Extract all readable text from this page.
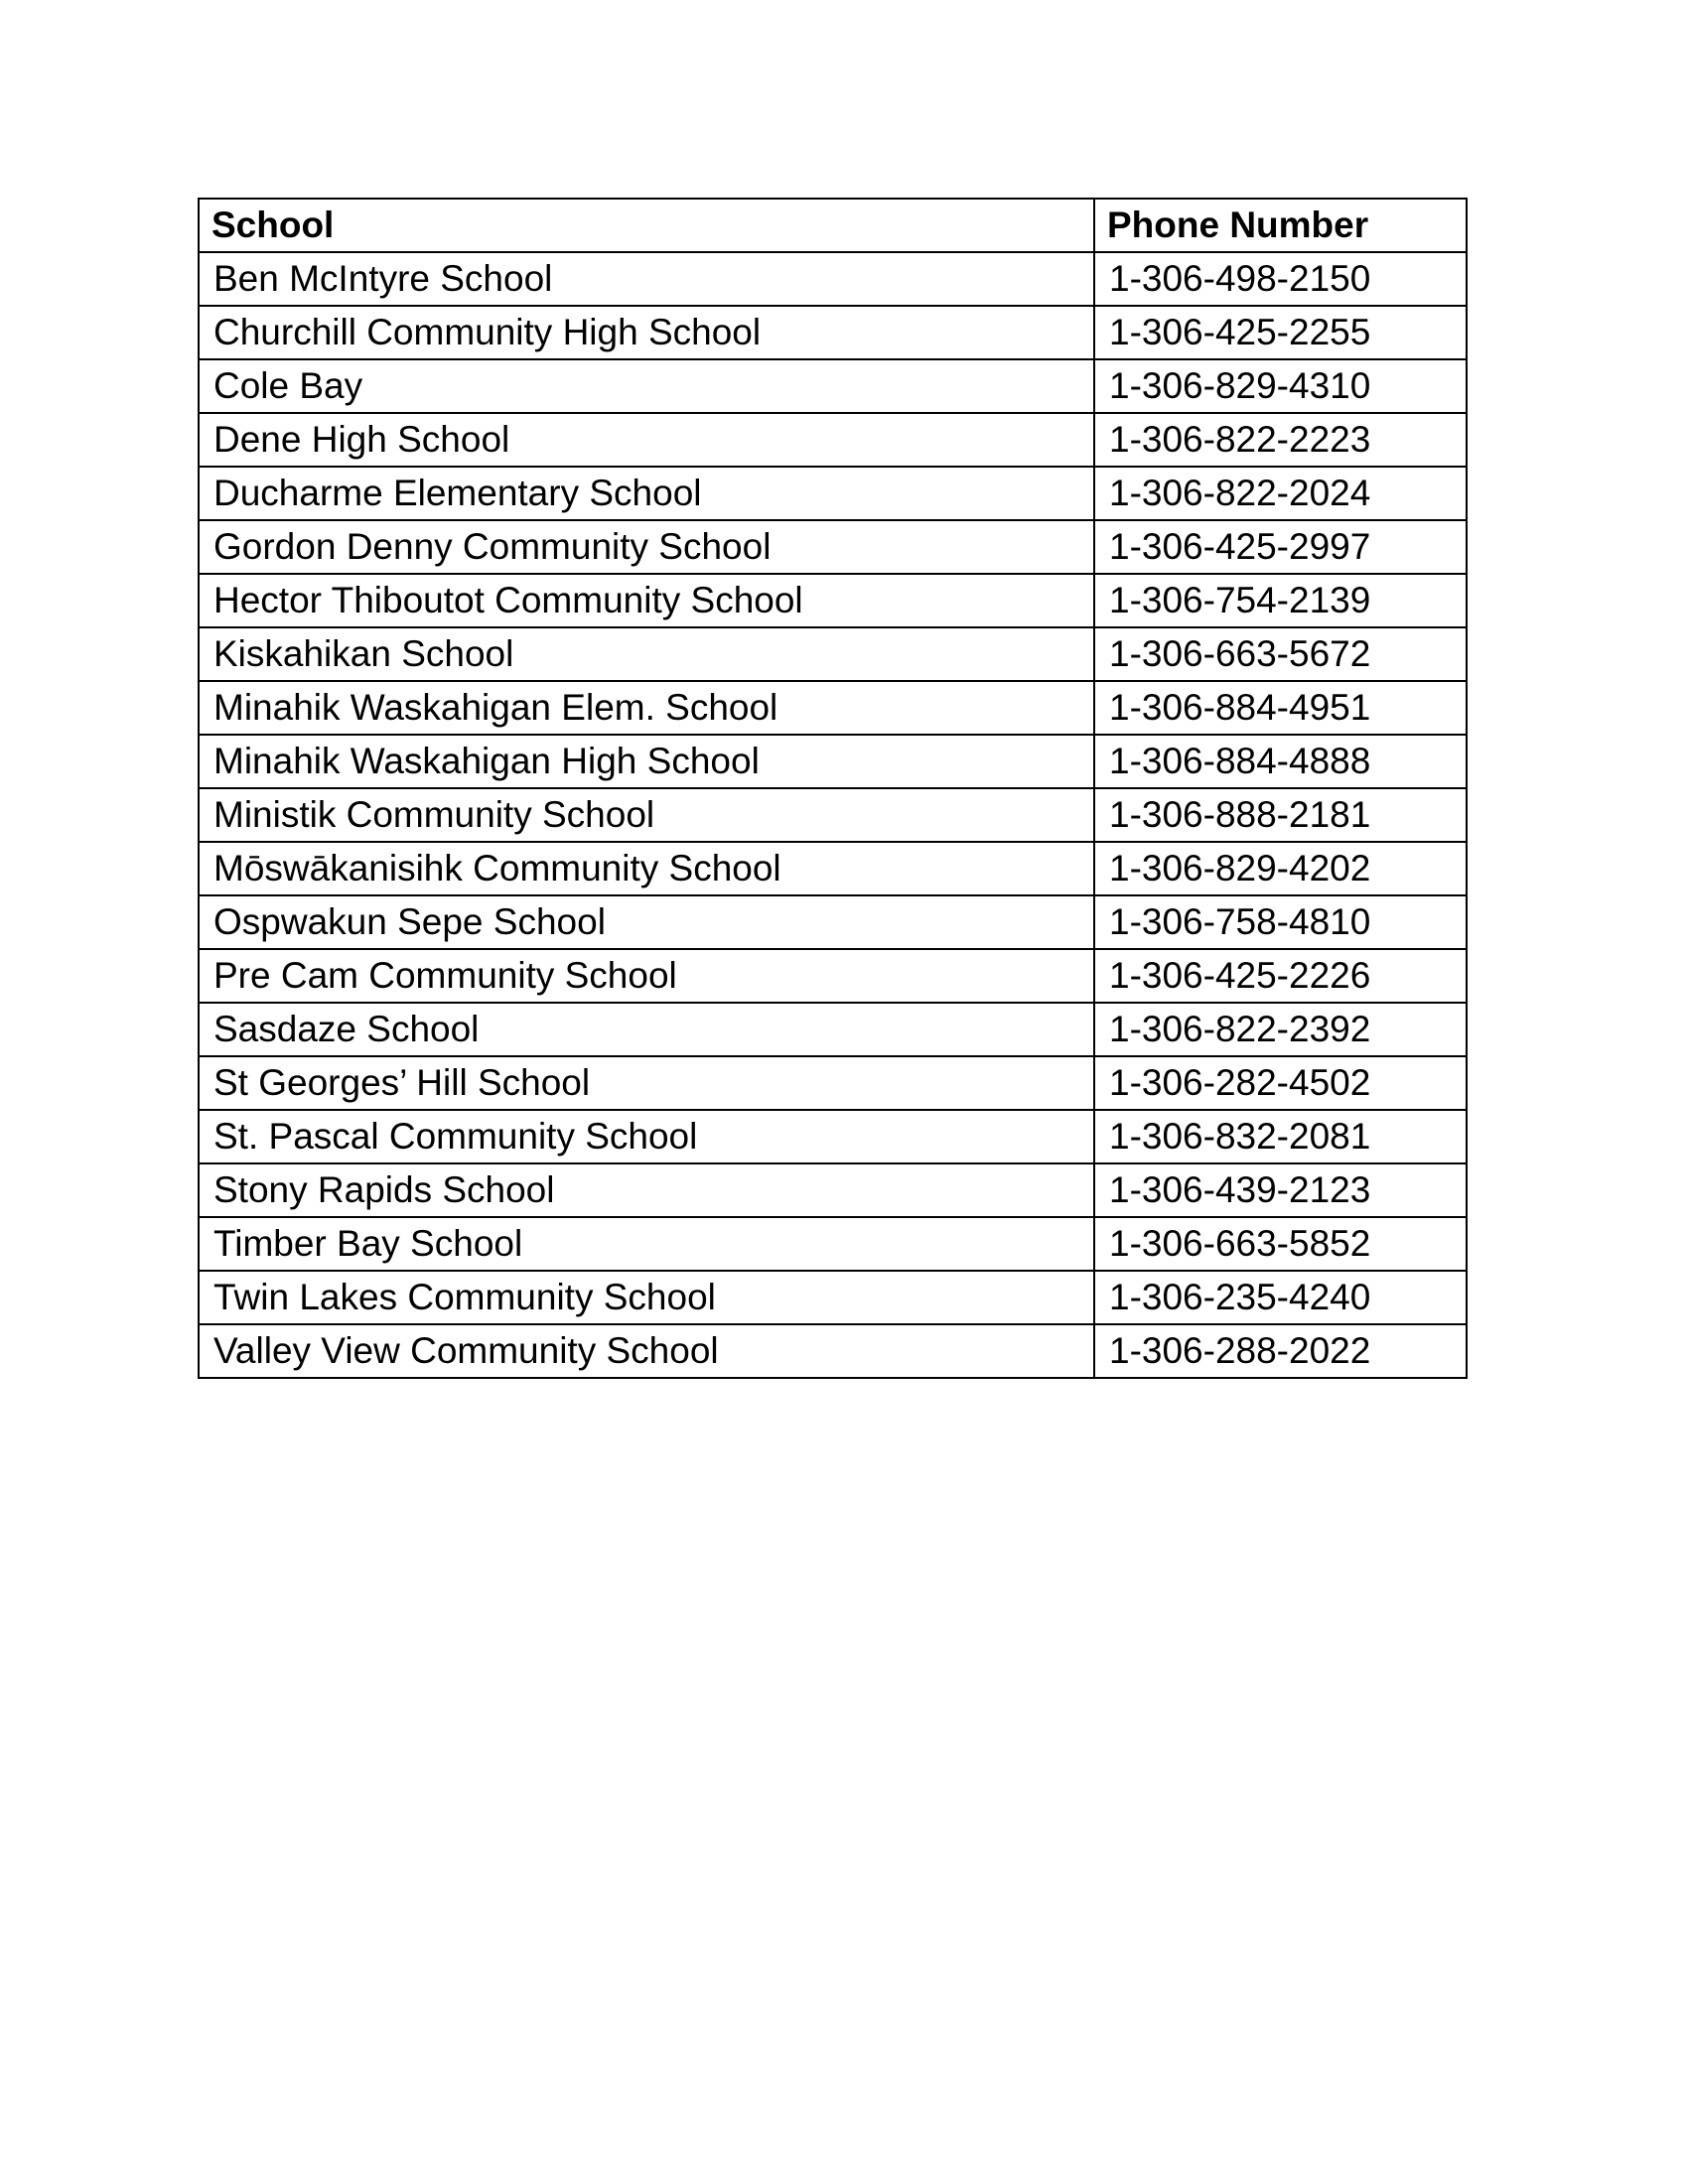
School	Phone Number
Ben McIntyre School	1-306-498-2150
Churchill Community High School	1-306-425-2255
Cole Bay	1-306-829-4310
Dene High School	1-306-822-2223
Ducharme Elementary School	1-306-822-2024
Gordon Denny Community School	1-306-425-2997
Hector Thiboutot Community School	1-306-754-2139
Kiskahikan School	1-306-663-5672
Minahik Waskahigan Elem. School	1-306-884-4951
Minahik Waskahigan High School	1-306-884-4888
Ministik Community School	1-306-888-2181
Mōswākanisihk Community School	1-306-829-4202
Ospwakun Sepe School	1-306-758-4810
Pre Cam Community School	1-306-425-2226
Sasdaze School	1-306-822-2392
St Georges’ Hill School	1-306-282-4502
St. Pascal Community School	1-306-832-2081
Stony Rapids School	1-306-439-2123
Timber Bay School	1-306-663-5852
Twin Lakes Community School	1-306-235-4240
Valley View Community School	1-306-288-2022
